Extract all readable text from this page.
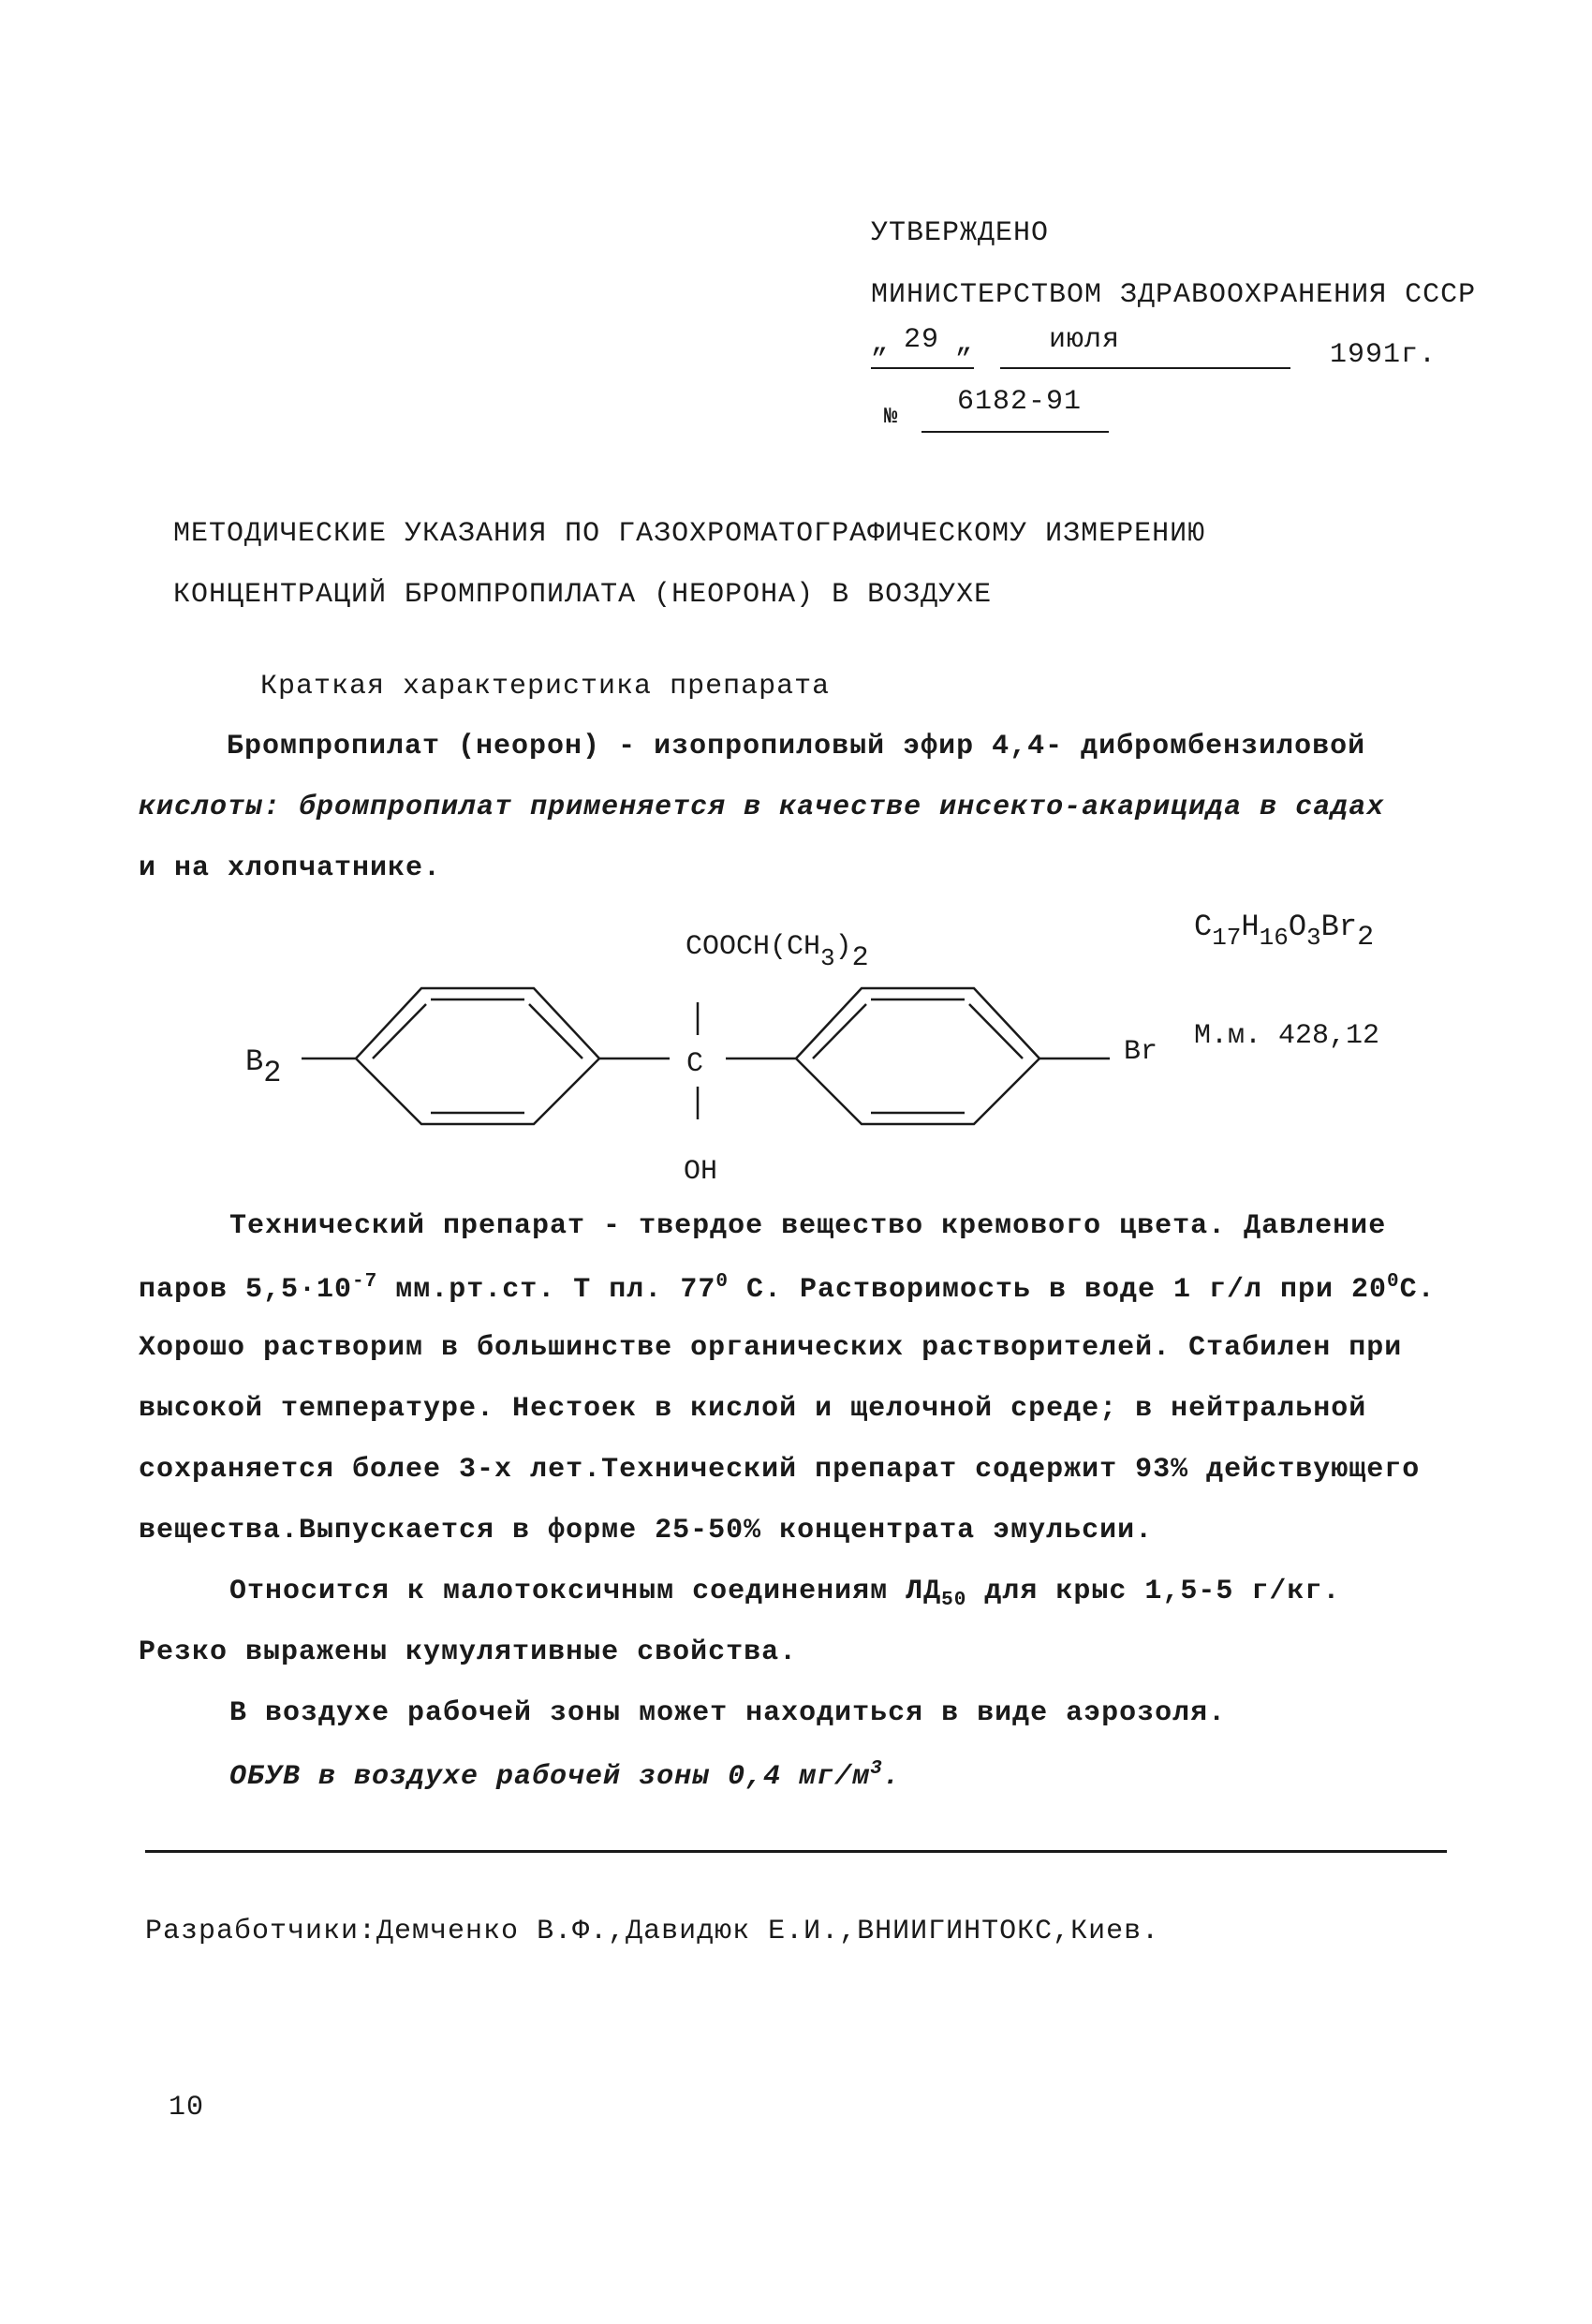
УТВЕРЖДЕНО
МИНИСТЕРСТВОМ ЗДРАВООХРАНЕНИЯ СССР
„ 29 „	июля	1991г.
№ 6182-91
МЕТОДИЧЕСКИЕ УКАЗАНИЯ ПО ГАЗОХРОМАТОГРАФИЧЕСКОМУ ИЗМЕРЕНИЮ
КОНЦЕНТРАЦИЙ БРОМПРОПИЛАТА (НЕОРОНА) В ВОЗДУХЕ
Краткая характеристика препарата
Бромпропилат (неорон) - изопропиловый эфир 4,4- дибромбензиловой
кислоты: бромпропилат применяется в качестве инсекто-акарицида в садах
и на хлопчатнике.
COOCH(CH3)2
B2	C	Br
OH
$C_{17}H_{16}O_3Br2$
М.м. 428,12
Технический препарат - твердое вещество кремового цвета. Давление
паров $5,5\cdot 10^{-7}$ мм.рт.ст. Т пл. $77^0$ С. Растворимость в воде 1 г/л при $20^0С$.
Хорошо растворим в большинстве органических растворителей. Стабилен при
высокой температуре. Нестоек в кислой и щелочной среде; в нейтральной
сохраняется более 3-х лет.Технический препарат содержит 93% действующего
вещества.Выпускается в форме 25-50% концентрата эмульсии.
Относится к малотоксичным соединениям $ЛД_{50}$ для крыс 1,5-5 г/кг.
Резко выражены кумулятивные свойства.
В воздухе рабочей зоны может находиться в виде аэрозоля.
ОБУВ в воздухе рабочей зоны 0,4 $мг/м^3$.
Разработчики:Демченко В.Ф.,Давидюк Е.И.,ВНИИГИНТОКС,Киев.
10
